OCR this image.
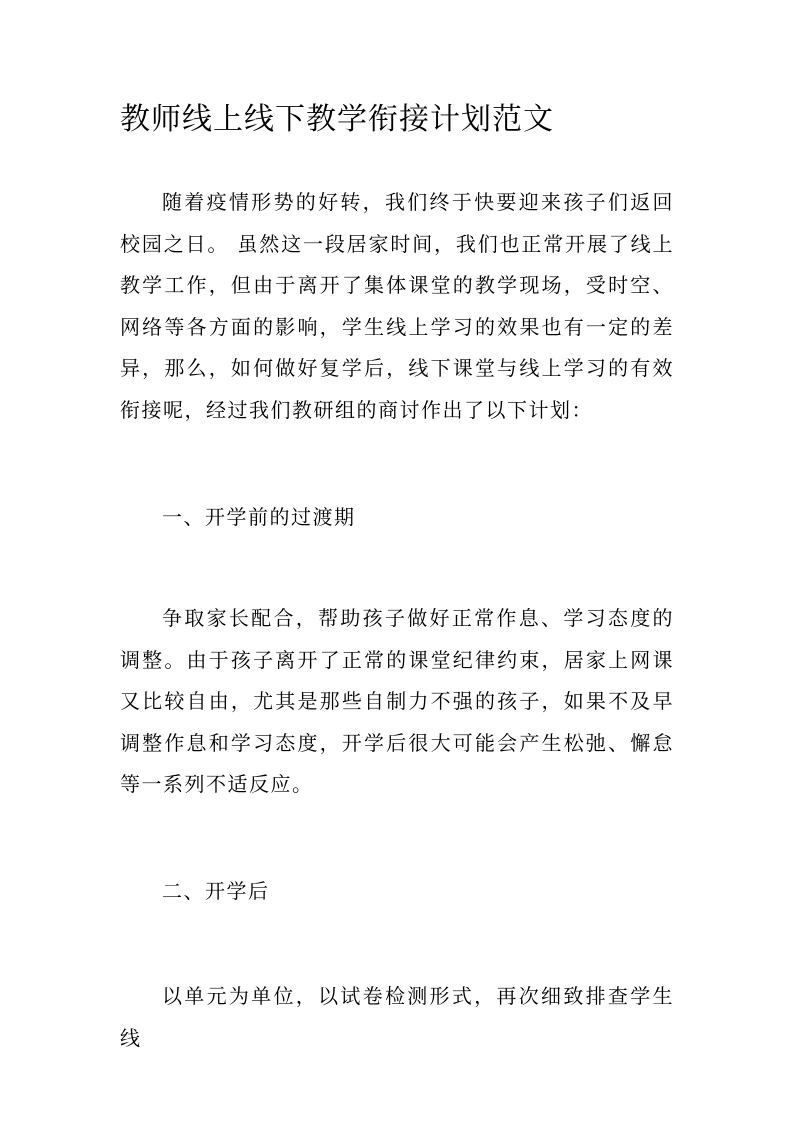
教师线上线下教学衔接计划范文

随着疫情形势的好转，我们终于快要迎来孩子们返回校园之日。 虽然这一段居家时间，我们也正常开展了线上教学工作，但由于离开了集体课堂的教学现场，受时空、网络等各方面的影响，学生线上学习的效果也有一定的差异，那么，如何做好复学后，线下课堂与线上学习的有效衔接呢，经过我们教研组的商讨作出了以下计划：

一、开学前的过渡期

争取家长配合，帮助孩子做好正常作息、学习态度的调整。由于孩子离开了正常的课堂纪律约束，居家上网课又比较自由，尤其是那些自制力不强的孩子，如果不及早调整作息和学习态度，开学后很大可能会产生松弛、懈怠等一系列不适反应。

二、开学后

以单元为单位，以试卷检测形式，再次细致排查学生线
